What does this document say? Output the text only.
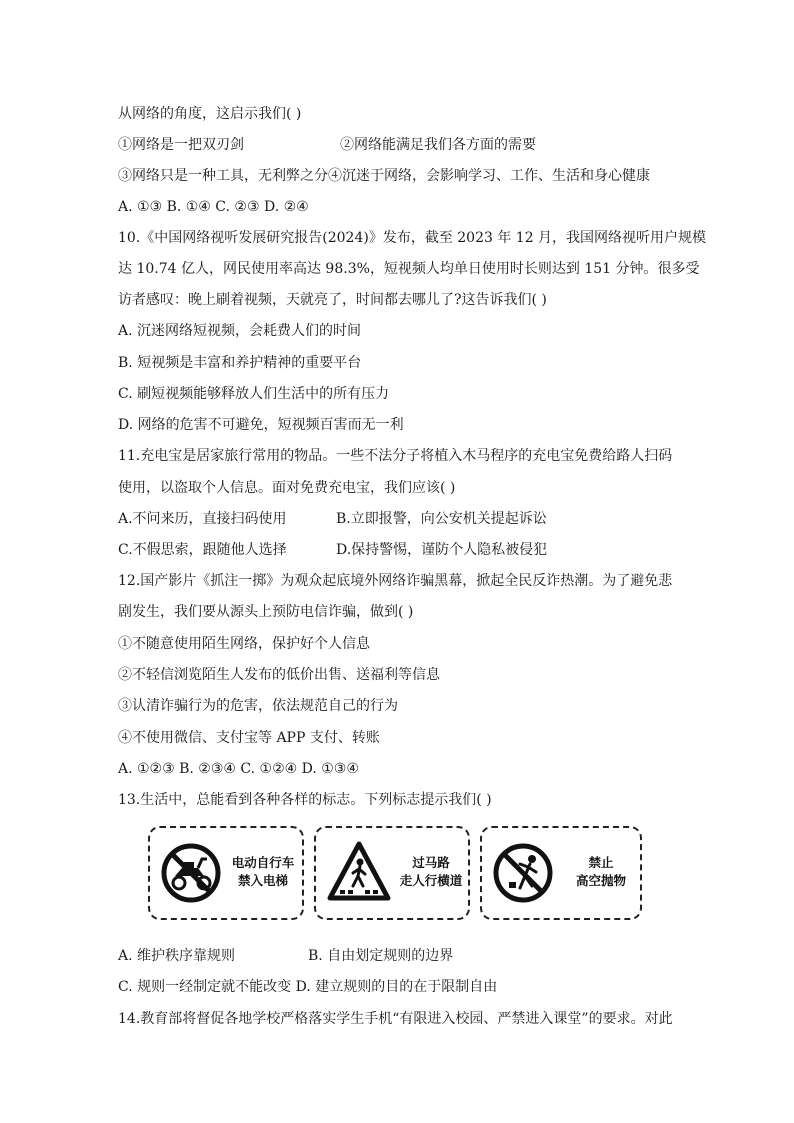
从网络的角度，这启示我们( )
①网络是一把双刃剑	②网络能满足我们各方面的需要
③网络只是一种工具，无利弊之分④沉迷于网络，会影响学习、工作、生活和身心健康
A. ①③ B. ①④ C. ②③ D. ②④
10.《中国网络视听发展研究报告(2024)》发布，截至 2023 年 12 月，我国网络视听用户规模
达 10.74 亿人，网民使用率高达 98.3%，短视频人均单日使用时长则达到 151 分钟。很多受
访者感叹：晚上刷着视频，天就亮了，时间都去哪儿了?这告诉我们( )
A. 沉迷网络短视频，会耗费人们的时间
B. 短视频是丰富和养护精神的重要平台
C. 刷短视频能够释放人们生活中的所有压力
D. 网络的危害不可避免，短视频百害而无一利
11.充电宝是居家旅行常用的物品。一些不法分子将植入木马程序的充电宝免费给路人扫码
使用，以盗取个人信息。面对免费充电宝，我们应该( )
A.不问来历，直接扫码使用	B.立即报警，向公安机关提起诉讼
C.不假思索，跟随他人选择	D.保持警惕，谨防个人隐私被侵犯
12.国产影片《抓注一掷》为观众起底境外网络诈骗黑幕，掀起全民反诈热潮。为了避免悲
剧发生，我们要从源头上预防电信诈骗，做到( )
①不随意使用陌生网络，保护好个人信息
②不轻信浏览陌生人发布的低价出售、送福利等信息
③认清诈骗行为的危害，依法规范自己的行为
④不使用微信、支付宝等 APP 支付、转账
A. ①②③ B. ②③④ C. ①②④ D. ①③④
13.生活中，总能看到各种各样的标志。下列标志提示我们( )
电动自行车
禁入电梯
过马路
走人行横道
禁止
高空抛物
A. 维护秩序靠规则	B. 自由划定规则的边界
C. 规则一经制定就不能改变 D. 建立规则的目的在于限制自由
14.教育部将督促各地学校严格落实学生手机“有限进入校园、严禁进入课堂”的要求。对此
